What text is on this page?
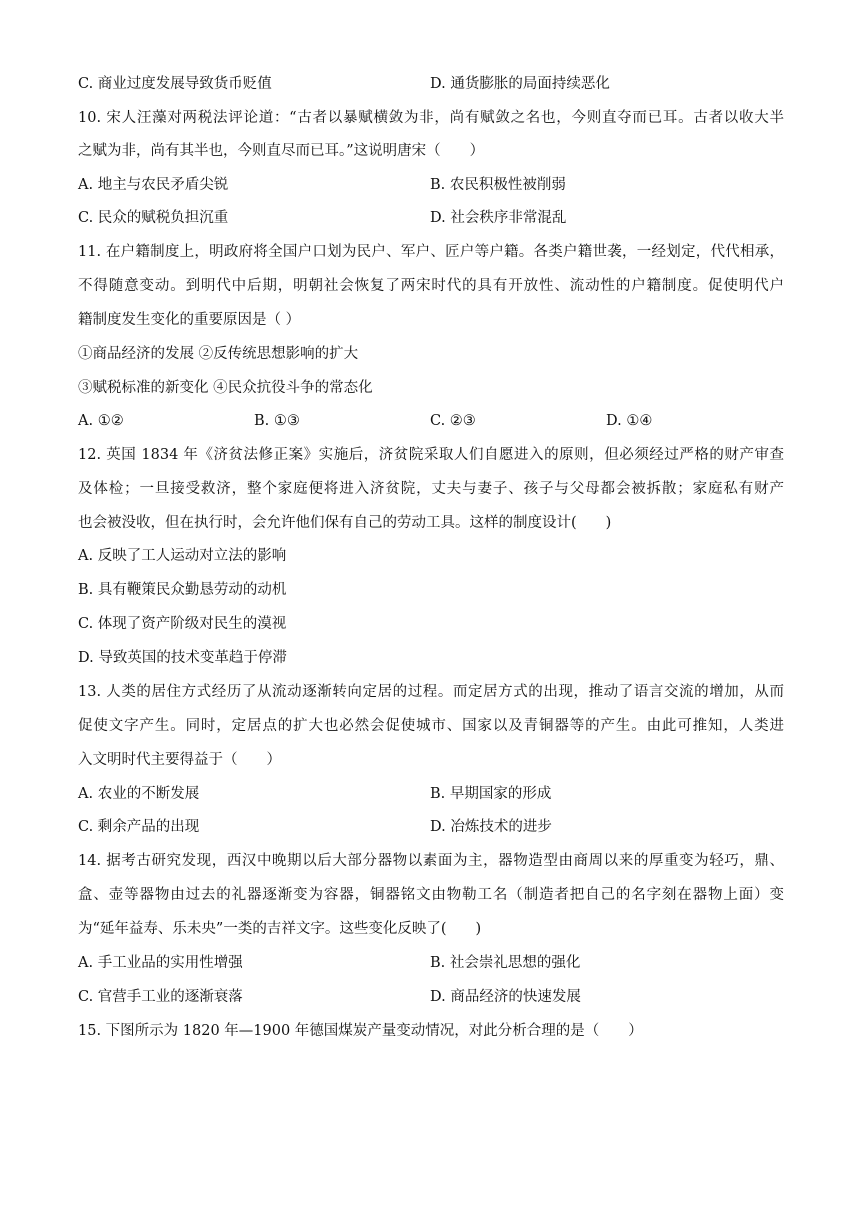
C. 商业过度发展导致货币贬值	D. 通货膨胀的局面持续恶化
10. 宋人汪藻对两税法评论道：“古者以暴赋横敛为非，尚有赋敛之名也，今则直夺而已耳。古者以收大半
之赋为非，尚有其半也，今则直尽而已耳。”这说明唐宋（　　）
A. 地主与农民矛盾尖锐	B. 农民积极性被削弱
C. 民众的赋税负担沉重	D. 社会秩序非常混乱
11. 在户籍制度上，明政府将全国户口划为民户、军户、匠户等户籍。各类户籍世袭，一经划定，代代相承，
不得随意变动。到明代中后期，明朝社会恢复了两宋时代的具有开放性、流动性的户籍制度。促使明代户
籍制度发生变化的重要原因是（ ）
①商品经济的发展 ②反传统思想影响的扩大
③赋税标准的新变化 ④民众抗役斗争的常态化
A. ①②	B. ①③	C. ②③	D. ①④
12. 英国 1834 年《济贫法修正案》实施后，济贫院采取人们自愿进入的原则，但必须经过严格的财产审查
及体检；一旦接受救济，整个家庭便将进入济贫院，丈夫与妻子、孩子与父母都会被拆散；家庭私有财产
也会被没收，但在执行时，会允许他们保有自己的劳动工具。这样的制度设计(　　)
A. 反映了工人运动对立法的影响
B. 具有鞭策民众勤恳劳动的动机
C. 体现了资产阶级对民生的漠视
D. 导致英国的技术变革趋于停滞
13. 人类的居住方式经历了从流动逐渐转向定居的过程。而定居方式的出现，推动了语言交流的增加，从而
促使文字产生。同时，定居点的扩大也必然会促使城市、国家以及青铜器等的产生。由此可推知，人类进
入文明时代主要得益于（　　）
A. 农业的不断发展	B. 早期国家的形成
C. 剩余产品的出现	D. 冶炼技术的进步
14. 据考古研究发现，西汉中晚期以后大部分器物以素面为主，器物造型由商周以来的厚重变为轻巧，鼎、
盒、壶等器物由过去的礼器逐渐变为容器，铜器铭文由物勒工名（制造者把自己的名字刻在器物上面）变
为“延年益寿、乐未央”一类的吉祥文字。这些变化反映了(　　)
A. 手工业品的实用性增强	B. 社会崇礼思想的强化
C. 官营手工业的逐渐衰落	D. 商品经济的快速发展
15. 下图所示为 1820 年—1900 年德国煤炭产量变动情况，对此分析合理的是（　　）
